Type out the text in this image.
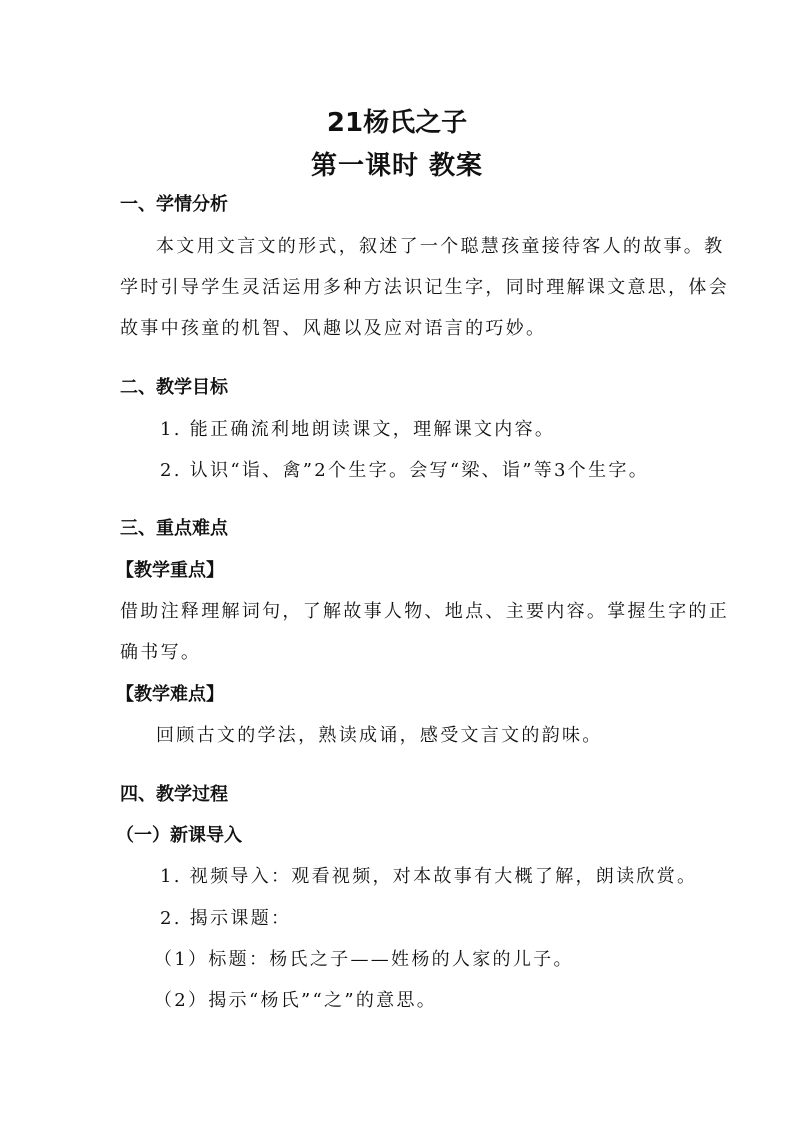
21杨氏之子
第一课时 教案
一、学情分析
本文用文言文的形式，叙述了一个聪慧孩童接待客人的故事。教
学时引导学生灵活运用多种方法识记生字，同时理解课文意思，体会
故事中孩童的机智、风趣以及应对语言的巧妙。
二、教学目标
1. 能正确流利地朗读课文，理解课文内容。
2. 认识“诣、禽”2个生字。会写“梁、诣”等3个生字。
三、重点难点
【教学重点】
借助注释理解词句，了解故事人物、地点、主要内容。掌握生字的正
确书写。
【教学难点】
回顾古文的学法，熟读成诵，感受文言文的韵味。
四、教学过程
（一）新课导入
1. 视频导入：观看视频，对本故事有大概了解，朗读欣赏。
2. 揭示课题：
（1）标题：杨氏之子——姓杨的人家的儿子。
（2）揭示“杨氏”“之”的意思。
